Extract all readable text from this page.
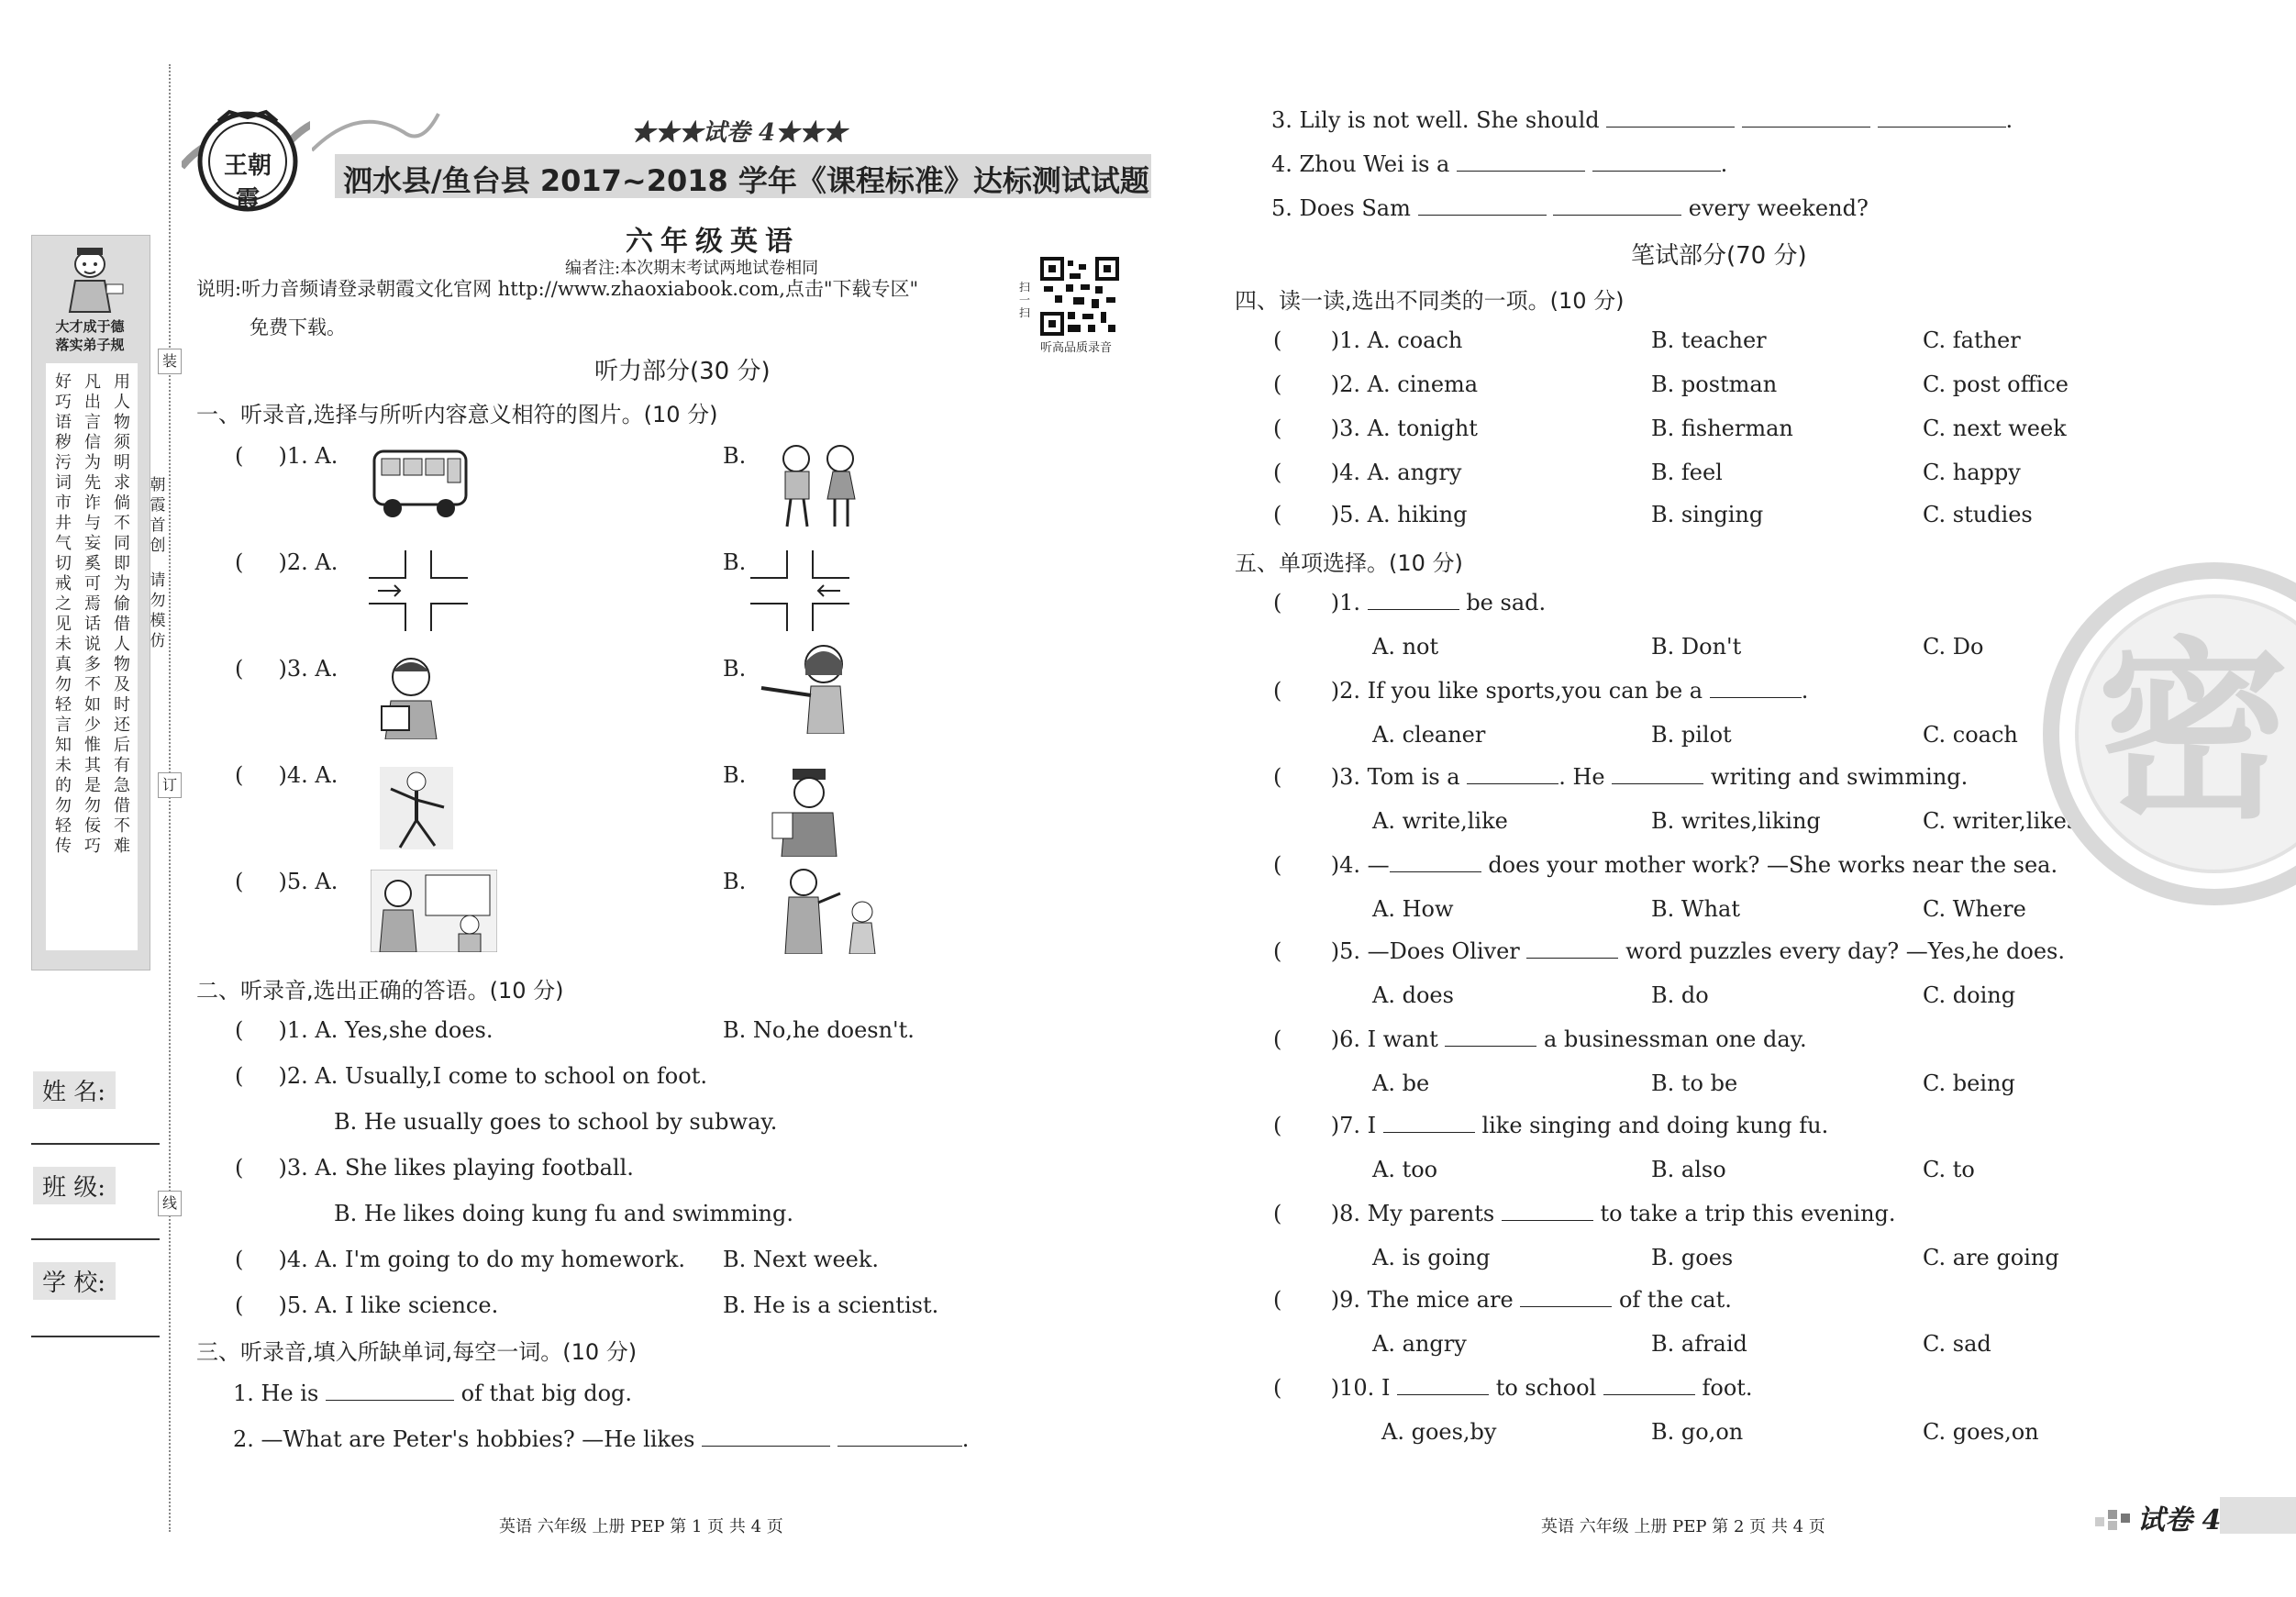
大才成于德
落实弟子规
好巧语秽污词市井气切戒之见未真勿轻言知未的勿轻传
凡出言信为先诈与妄奚可焉话说多不如少惟其是勿佞巧
用人物须明求倘不同即为偷借人物及时还后有急借不难
装
订
线
朝霞首创
请勿模仿
姓 名:
班 级:
学 校:
王朝霞
★★★试卷 4★★★
泗水县/鱼台县 2017~2018 学年《课程标准》达标测试试题
六年级英语
编者注:本次期末考试两地试卷相同
说明:听力音频请登录朝霞文化官网 http://www.zhaoxiabook.com,点击"下载专区"
免费下载。
扫一扫
听高品质录音
听力部分(30 分)
一、听录音,选择与所听内容意义相符的图片。(10 分)
(     )1. A.	B.
(     )2. A.	B.
(     )3. A.	B.
(     )4. A.	B.
(     )5. A.	B.
二、听录音,选出正确的答语。(10 分)
(     )1. A. Yes,she does.	B. No,he doesn't.
(     )2. A. Usually,I come to school on foot.
B. He usually goes to school by subway.
(     )3. A. She likes playing football.
B. He likes doing kung fu and swimming.
(     )4. A. I'm going to do my homework. B. Next week.
(     )5. A. I like science.	B. He is a scientist.
三、听录音,填入所缺单词,每空一词。(10 分)
1. He is	of that big dog.
2. —What are Peter's hobbies? —He likes	.
英语 六年级 上册 PEP 第 1 页 共 4 页
3. Lily is not well. She should	.
4. Zhou Wei is a	.
5. Does Sam	every weekend?
笔试部分(70 分)
四、读一读,选出不同类的一项。(10 分)
(       )1. A. coach	B. teacher	C. father
(       )2. A. cinema	B. postman	C. post office
(       )3. A. tonight	B. fisherman	C. next week
(       )4. A. angry	B. feel	C. happy
(       )5. A. hiking	B. singing	C. studies
五、单项选择。(10 分)
(       )1.	be sad.
A. not	B. Don't	C. Do
(       )2. If you like sports,you can be a	.
A. cleaner	B. pilot	C. coach
(       )3. Tom is a	. He	writing and swimming.
A. write,like	B. writes,liking	C. writer,likes
(       )4. —	does your mother work? —She works near the sea.
A. How	B. What	C. Where
(       )5. —Does Oliver	word puzzles every day? —Yes,he does.
A. does	B. do	C. doing
(       )6. I want	a businessman one day.
A. be	B. to be	C. being
(       )7. I	like singing and doing kung fu.
A. too	B. also	C. to
(       )8. My parents	to take a trip this evening.
A. is going	B. goes	C. are going
(       )9. The mice are	of the cat.
A. angry	B. afraid	C. sad
(       )10. I	to school	foot.
A. goes,by	B. go,on	C. goes,on
密
英语 六年级 上册 PEP 第 2 页 共 4 页	试卷 4
